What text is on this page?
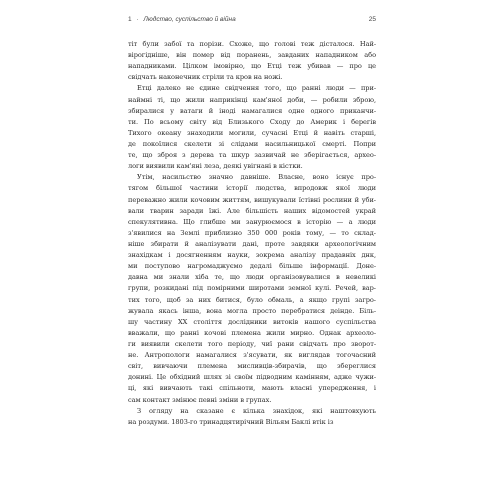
1 · Людство, суспільство й війна	25
тіт були забої та порізи. Схоже, що голові теж дісталося. Най-
вірогідніше, він помер від поранень, завданих нападником або
нападниками. Цілком імовірно, що Етці теж убивав — про це
свідчать наконечник стріли та кров на ножі.
Етці далеко не єдине свідчення того, що ранні люди — при-
наймні ті, що жили наприкінці кам'яної доби, — робили зброю,
збиралися у ватаги й іноді намагалися одне одного приканчи-
ти. По всьому світу від Близького Сходу до Америк і берегів
Тихого океану знаходили могили, сучасні Етці й навіть старші,
де покоїлися скелети зі слідами насильницької смерті. Попри
те, що зброя з дерева та шкур зазвичай не зберігається, архео-
логи виявили кам'яні леза, деякі увігнані в кістки.
Утім, насильство значно давніше. Власне, воно існує про-
тягом більшої частини історії людства, впродовж якої люди
переважно жили кочовим життям, вишукували їстівні рослини й уби-
вали тварин заради їжі. Але більшість наших відомостей украй
спекулятивна. Що глибше ми занурюємося в історію — а люди
з'явилися на Землі приблизно 350 000 років тому, — то склад-
ніше збирати й аналізувати дані, проте завдяки археологічним
знахідкам і досягненням науки, зокрема аналізу прадавніх днк,
ми поступово нагромаджуємо дедалі більше інформації. Доне-
давна ми знали хіба те, що люди організовувалися в невеликі
групи, розкидані під помірними широтами земної кулі. Речей, вар-
тих того, щоб за них битися, було обмаль, а якщо групі загро-
жувала якась інша, вона могла просто перебратися деінде. Біль-
шу частину XX століття дослідники витоків нашого суспільства
вважали, що ранні кочові племена жили мирно. Однак археоло-
ги виявили скелети того періоду, чиї рани свідчать про зворот-
не. Антропологи намагалися з'ясувати, як виглядав тогочасний
світ, вивчаючи племена мисливців-збирачів, що збереглися
донині. Це обхідний шлях зі своїм підводним камінням, адже чужи-
ці, які вивчають такі спільноти, мають власні упередження, і
сам контакт змінює певні зміни в групах.
З огляду на сказане є кілька знахідок, які наштовхують
на роздуми. 1803-го тринадцятирічний Вільям Баклі втік із
